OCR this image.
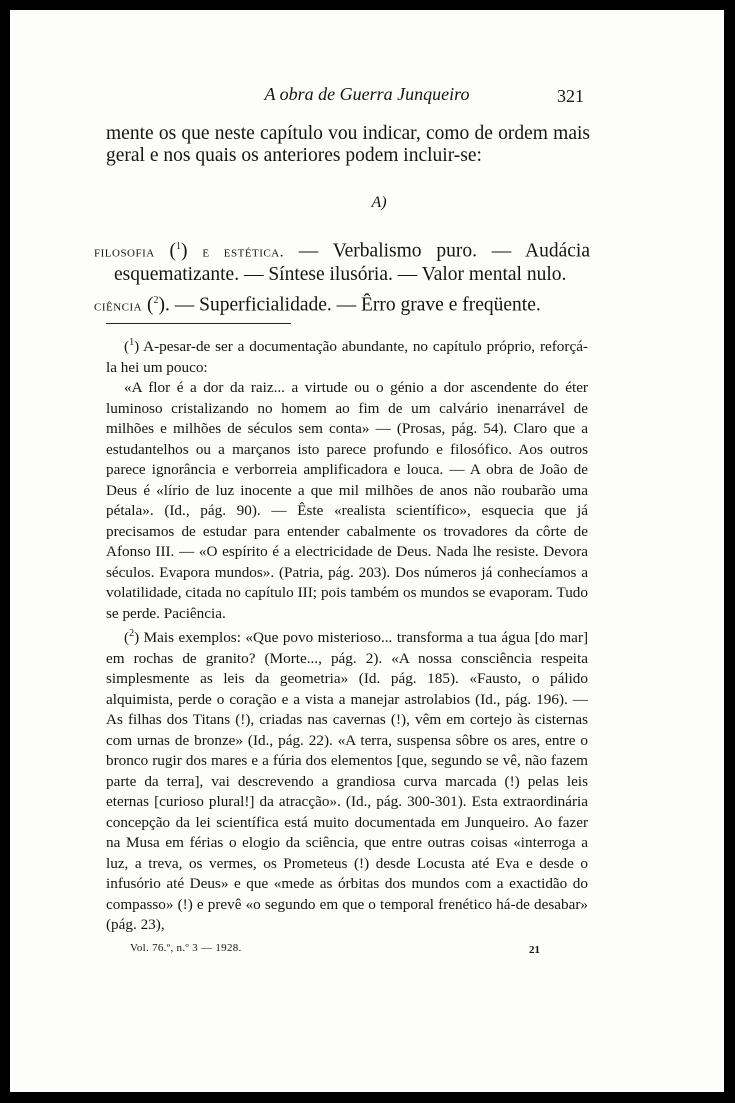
A obra de Guerra Junqueiro	321
mente os que neste capítulo vou indicar, como de ordem mais geral e nos quais os anteriores podem incluir-se:
A)
filosofia ($^1$) e estética. — Verbalismo puro. — Audácia esquematizante. — Síntese ilusória. — Valor mental nulo.
ciência ($^2$). — Superficialidade. — Êrro grave e freqüente.

($^1$) A-pesar-de ser a documentação abundante, no capítulo próprio, reforçá-la hei um pouco:

«A flor é a dor da raiz... a virtude ou o génio a dor ascendente do éter luminoso cristalizando no homem ao fim de um calvário inenarrável de milhões e milhões de séculos sem conta» — (Prosas, pág. 54). Claro que a estudantelhos ou a marçanos isto parece profundo e filosófico. Aos outros parece ignorância e verborreia amplificadora e louca. — A obra de João de Deus é «lírio de luz inocente a que mil milhões de anos não roubarão uma pétala». (Id., pág. 90). — Êste «realista scientífico», esquecia que já precisamos de estudar para entender cabalmente os trovadores da côrte de Afonso III. — «O espírito é a electricidade de Deus. Nada lhe resiste. Devora séculos. Evapora mundos». (Patria, pág. 203). Dos números já conhecíamos a volatilidade, citada no capítulo III; pois também os mundos se evaporam. Tudo se perde. Paciência.

($^2$) Mais exemplos: «Que povo misterioso... transforma a tua água [do mar] em rochas de granito? (Morte..., pág. 2). «A nossa consciência respeita simplesmente as leis da geometria» (Id. pág. 185). «Fausto, o pálido alquimista, perde o coração e a vista a manejar astrolabios (Id., pág. 196). — As filhas dos Titans (!), criadas nas cavernas (!), vêm em cortejo às cisternas com urnas de bronze» (Id., pág. 22). «A terra, suspensa sôbre os ares, entre o bronco rugir dos mares e a fúria dos elementos [que, segundo se vê, não fazem parte da terra], vai descrevendo a grandiosa curva marcada (!) pelas leis eternas [curioso plural!] da atracção». (Id., pág. 300-301). Esta extraordinária concepção da lei scientífica está muito documentada em Junqueiro. Ao fazer na Musa em férias o elogio da sciência, que entre outras coisas «interroga a luz, a treva, os vermes, os Prometeus (!) desde Locusta até Eva e desde o infusório até Deus» e que «mede as órbitas dos mundos com a exactidão do compasso» (!) e prevê «o segundo em que o temporal frenético há-de desabar» (pág. 23),

Vol. 76.º, n.º 3 — 1928.	21
